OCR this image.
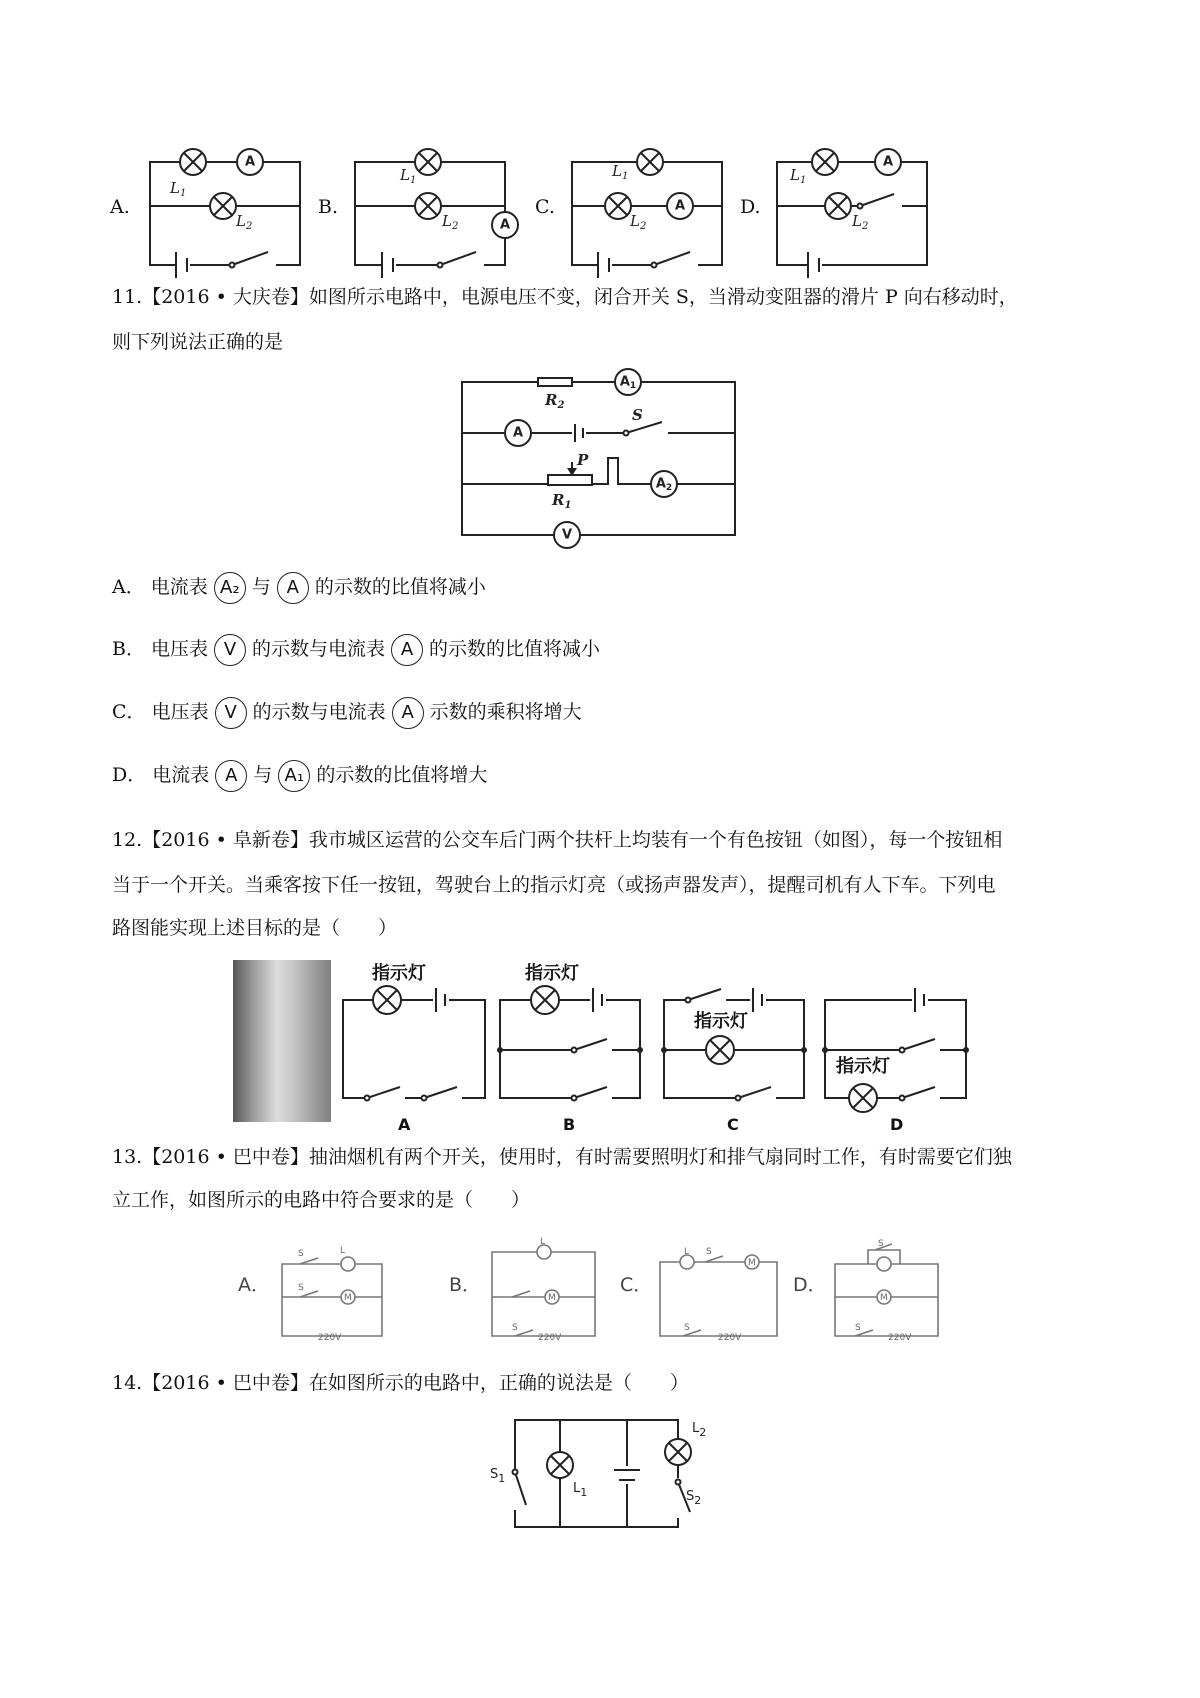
A.	B.	C.	D.
A
$L_1$
$L_2$	A
$L_1$
$L_2$
A
$L_1$
$L_2$
A
$L_1$
$L_2$
11.【2016 • 大庆卷】如图所示电路中，电源电压不变，闭合开关 S，当滑动变阻器的滑片 P 向右移动时，
则下列说法正确的是
$A_1$
$R_2$
A
S
P
$R_1$
$A_2$
V
A． 电流表 A₂ 与 A 的示数的比值将减小
B． 电压表 V 的示数与电流表 A 的示数的比值将减小
C． 电压表 V 的示数与电流表 A 示数的乘积将增大
D． 电流表 A 与 A₁ 的示数的比值将增大
12.【2016 • 阜新卷】我市城区运营的公交车后门两个扶杆上均装有一个有色按钮（如图），每一个按钮相
当于一个开关。当乘客按下任一按钮，驾驶台上的指示灯亮（或扬声器发声），提醒司机有人下车。下列电
路图能实现上述目标的是（　　）
指示灯	指示灯
指示灯
指示灯
A	B	C	D
13.【2016 • 巴中卷】抽油烟机有两个开关，使用时，有时需要照明灯和排气扇同时工作，有时需要它们独
立工作，如图所示的电路中符合要求的是（　　）
A．	B．	C．	D．
S	L
S
M
220V
L
M
S
220V
L S
M
S
220V
S
M
S
220V
14.【2016 • 巴中卷】在如图所示的电路中，正确的说法是（　　）
$S_1$
$L_1$
$L_2$
$S_2$
